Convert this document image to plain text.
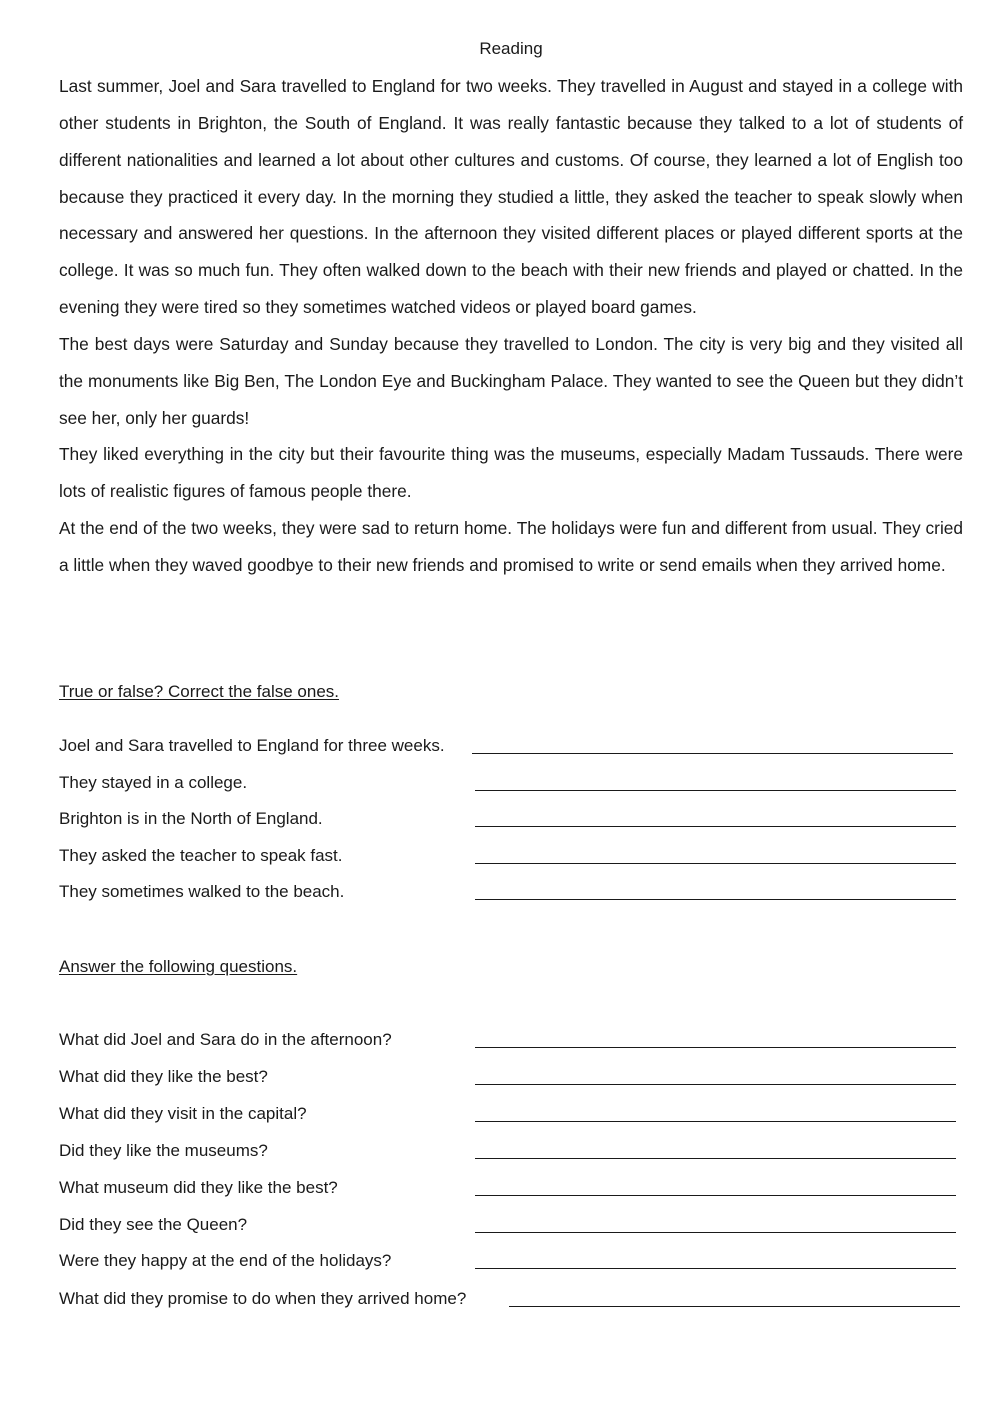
Reading

Last summer, Joel and Sara travelled to England for two weeks. They travelled in August and stayed in a college with other students in Brighton, the South of England. It was really fantastic because they talked to a lot of students of different nationalities and learned a lot about other cultures and customs. Of course, they learned a lot of English too because they practiced it every day. In the morning they studied a little, they asked the teacher to speak slowly when necessary and answered her questions. In the afternoon they visited different places or played different sports at the college. It was so much fun. They often walked down to the beach with their new friends and played or chatted. In the evening they were tired so they sometimes watched videos or played board games.

The best days were Saturday and Sunday because they travelled to London. The city is very big and they visited all the monuments like Big Ben, The London Eye and Buckingham Palace. They wanted to see the Queen but they didn’t see her, only her guards!

They liked everything in the city but their favourite thing was the museums, especially Madam Tussauds. There were lots of realistic figures of famous people there.

At the end of the two weeks, they were sad to return home. The holidays were fun and different from usual. They cried a little when they waved goodbye to their new friends and promised to write or send emails when they arrived home.

True or false? Correct the false ones.
Joel and Sara travelled to England for three weeks.
They stayed in a college.
Brighton is in the North of England.
They asked the teacher to speak fast.
They sometimes walked to the beach.
Answer the following questions.
What did Joel and Sara do in the afternoon?
What did they like the best?
What did they visit in the capital?
Did they like the museums?
What museum did they like the best?
Did they see the Queen?
Were they happy at the end of the holidays?
What did they promise to do when they arrived home?
